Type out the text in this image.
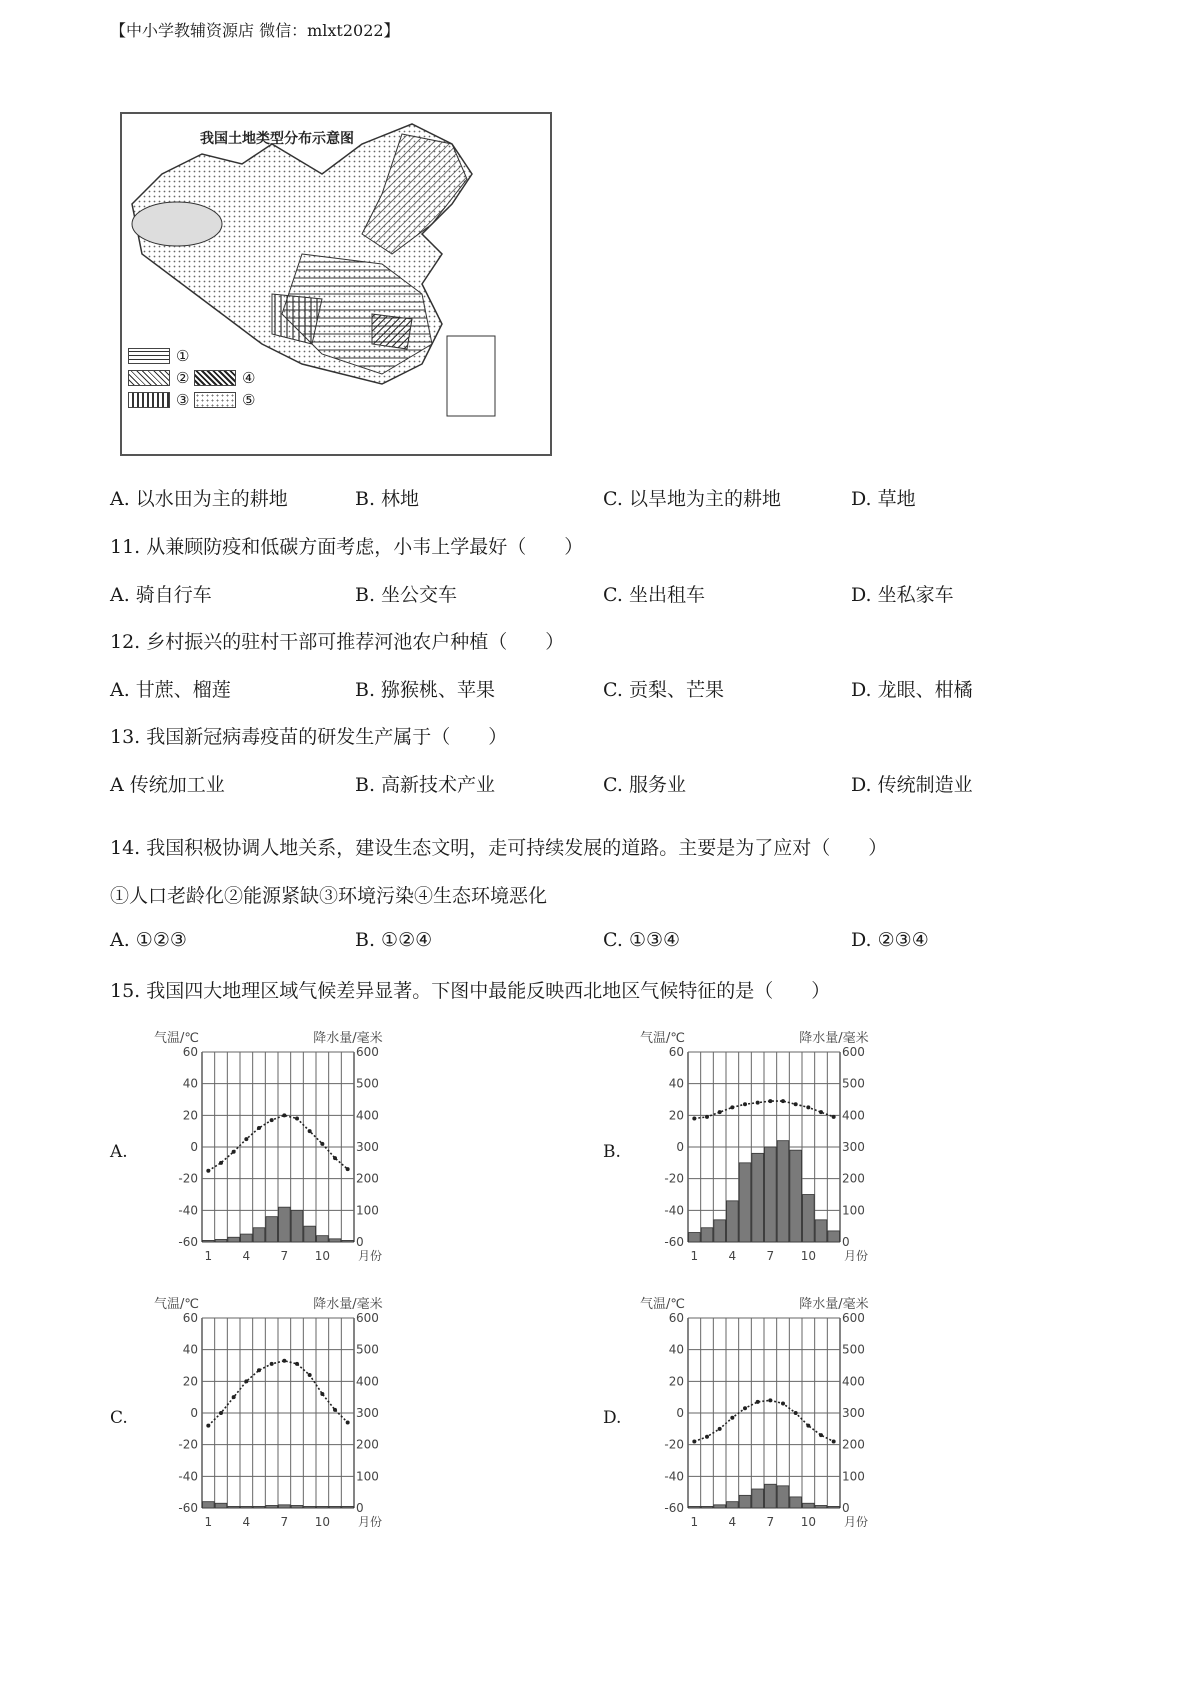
【中小学教辅资源店 微信：mlxt2022】
我国土地类型分布示意图
①
②
③
④
⑤
A. 以水田为主的耕地	B. 林地	C. 以旱地为主的耕地	D. 草地
11. 从兼顾防疫和低碳方面考虑，小韦上学最好（　　）
A. 骑自行车	B. 坐公交车	C. 坐出租车	D. 坐私家车
12. 乡村振兴的驻村干部可推荐河池农户种植（　　）
A. 甘蔗、榴莲	B. 猕猴桃、苹果	C. 贡梨、芒果	D. 龙眼、柑橘
13. 我国新冠病毒疫苗的研发生产属于（　　）
A 传统加工业	B. 高新技术产业	C. 服务业	D. 传统制造业
14. 我国积极协调人地关系，建设生态文明，走可持续发展的道路。主要是为了应对（　　）
①人口老龄化②能源紧缺③环境污染④生态环境恶化
A. ①②③	B. ①②④	C. ①③④	D. ②③④
15. 我国四大地理区域气候差异显著。下图中最能反映西北地区气候特征的是（　　）
A.	B.
C.	D.
气温/℃	降水量/毫米
60	600
40	500
20	400
0	300
-20	200
-40	100
-60	0
1	4	7 10 月份
气温/℃	降水量/毫米
60	600
40	500
20	400
0	300
-20	200
-40	100
-60	0
1	4	7 10 月份
气温/℃	降水量/毫米
60	600
40	500
20	400
0	300
-20	200
-40	100
-60	0
1	4	7 10 月份
气温/℃	降水量/毫米
60	600
40	500
20	400
0	300
-20	200
-40	100
-60	0
1	4	7 10 月份
